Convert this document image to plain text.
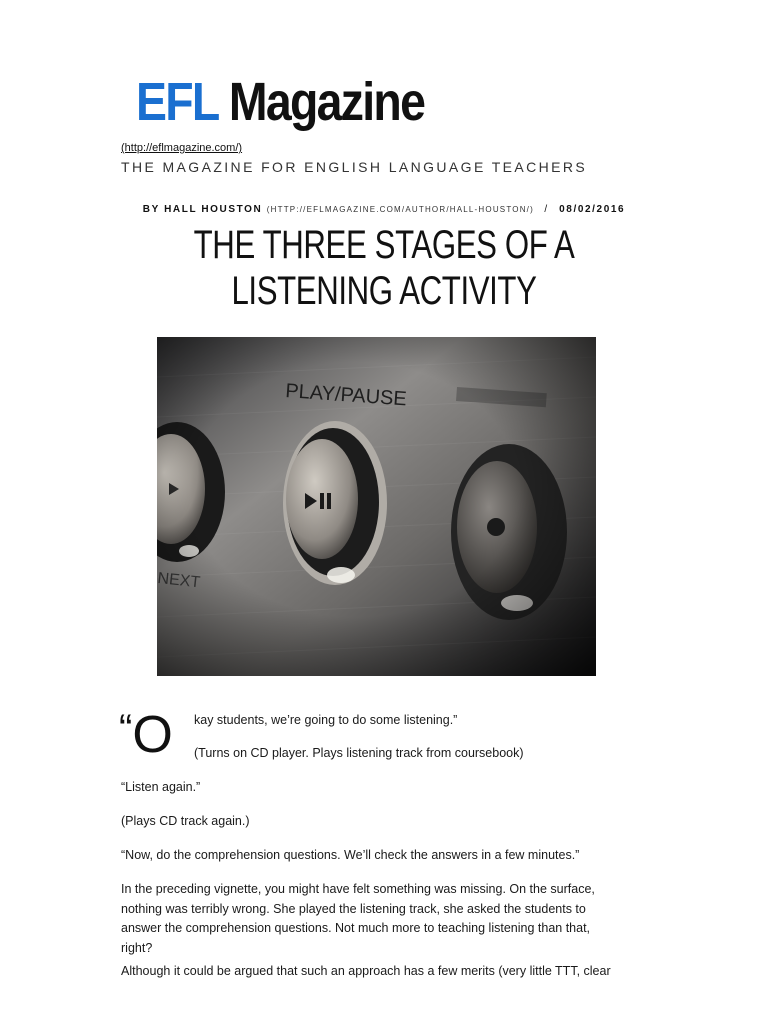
EFL Magazine
(http://eflmagazine.com/)
THE MAGAZINE FOR ENGLISH LANGUAGE TEACHERS
BY HALL HOUSTON (HTTP://EFLMAGAZINE.COM/AUTHOR/HALL-HOUSTON/) / 08/02/2016
THE THREE STAGES OF A
LISTENING ACTIVITY
“O kay students, we’re going to do some listening.”
(Turns on CD player. Plays listening track from coursebook)
“Listen again.”
(Plays CD track again.)
“Now, do the comprehension questions. We’ll check the answers in a few minutes.”
In the preceding vignette, you might have felt something was missing. On the surface, nothing was terribly wrong. She played the listening track, she asked the students to answer the comprehension questions. Not much more to teaching listening than that, right?
Although it could be argued that such an approach has a few merits (very little TTT, clear
